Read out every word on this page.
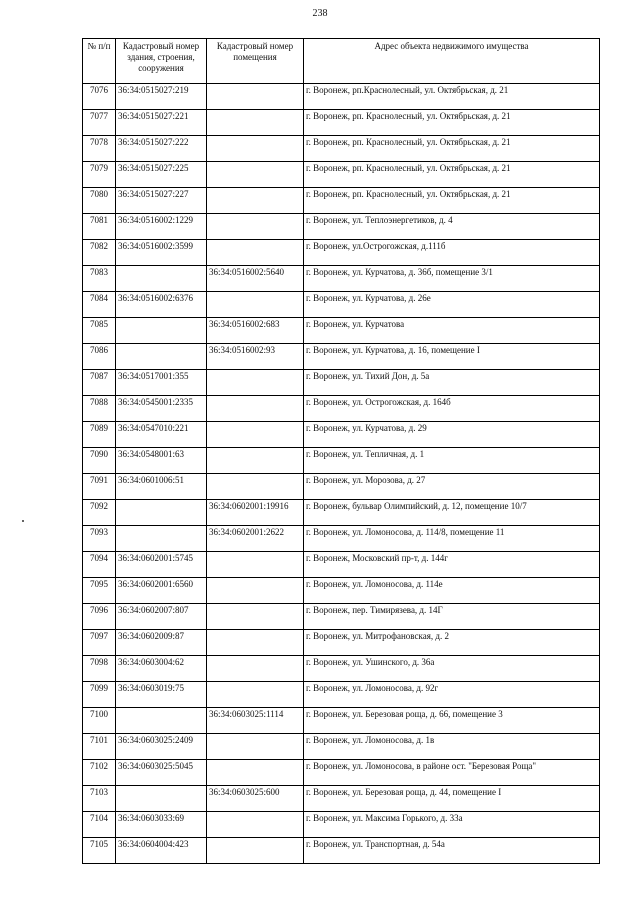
238
№ п/п	Кадастровый номер здания, строения, сооружения	Кадастровый номер помещения	Адрес объекта недвижимого имущества
7076	36:34:0515027:219		г. Воронеж, рп.Краснолесный, ул. Октябрьская, д. 21
7077	36:34:0515027:221		г. Воронеж, рп. Краснолесный, ул. Октябрьская, д. 21
7078	36:34:0515027:222		г. Воронеж, рп. Краснолесный, ул. Октябрьская, д. 21
7079	36:34:0515027:225		г. Воронеж, рп. Краснолесный, ул. Октябрьская, д. 21
7080	36:34:0515027:227		г. Воронеж, рп. Краснолесный, ул. Октябрьская, д. 21
7081	36:34:0516002:1229		г. Воронеж, ул. Теплоэнергетиков, д. 4
7082	36:34:0516002:3599		г. Воронеж, ул.Острогожская, д.111б
7083		36:34:0516002:5640	г. Воронеж, ул. Курчатова, д. 36б, помещение 3/1
7084	36:34:0516002:6376		г. Воронеж, ул. Курчатова, д. 26е
7085		36:34:0516002:683	г. Воронеж, ул. Курчатова
7086		36:34:0516002:93	г. Воронеж, ул. Курчатова, д. 16, помещение I
7087	36:34:0517001:355		г. Воронеж, ул. Тихий Дон, д. 5а
7088	36:34:0545001:2335		г. Воронеж, ул. Острогожская, д. 164б
7089	36:34:0547010:221		г. Воронеж, ул. Курчатова, д. 29
7090	36:34:0548001:63		г. Воронеж, ул. Тепличная, д. 1
7091	36:34:0601006:51		г. Воронеж, ул. Морозова, д. 27
7092		36:34:0602001:19916	г. Воронеж, бульвар Олимпийский, д. 12, помещение 10/7
7093		36:34:0602001:2622	г. Воронеж, ул. Ломоносова, д. 114/8, помещение 11
7094	36:34:0602001:5745		г. Воронеж, Московский пр-т, д. 144г
7095	36:34:0602001:6560		г. Воронеж, ул. Ломоносова, д. 114е
7096	36:34:0602007:807		г. Воронеж, пер. Тимирязева, д. 14Г
7097	36:34:0602009:87		г. Воронеж, ул. Митрофановская, д. 2
7098	36:34:0603004:62		г. Воронеж, ул. Ушинского, д. 36а
7099	36:34:0603019:75		г. Воронеж, ул. Ломоносова, д. 92г
7100		36:34:0603025:1114	г. Воронеж, ул. Березовая роща, д. 66, помещение 3
7101	36:34:0603025:2409		г. Воронеж, ул. Ломоносова, д. 1в
7102	36:34:0603025:5045		г. Воронеж, ул. Ломоносова, в районе ост. "Березовая Роща"
7103		36:34:0603025:600	г. Воронеж, ул. Березовая роща, д. 44, помещение I
7104	36:34:0603033:69		г. Воронеж, ул. Максима Горького, д. 33а
7105	36:34:0604004:423		г. Воронеж, ул. Транспортная, д. 54а
